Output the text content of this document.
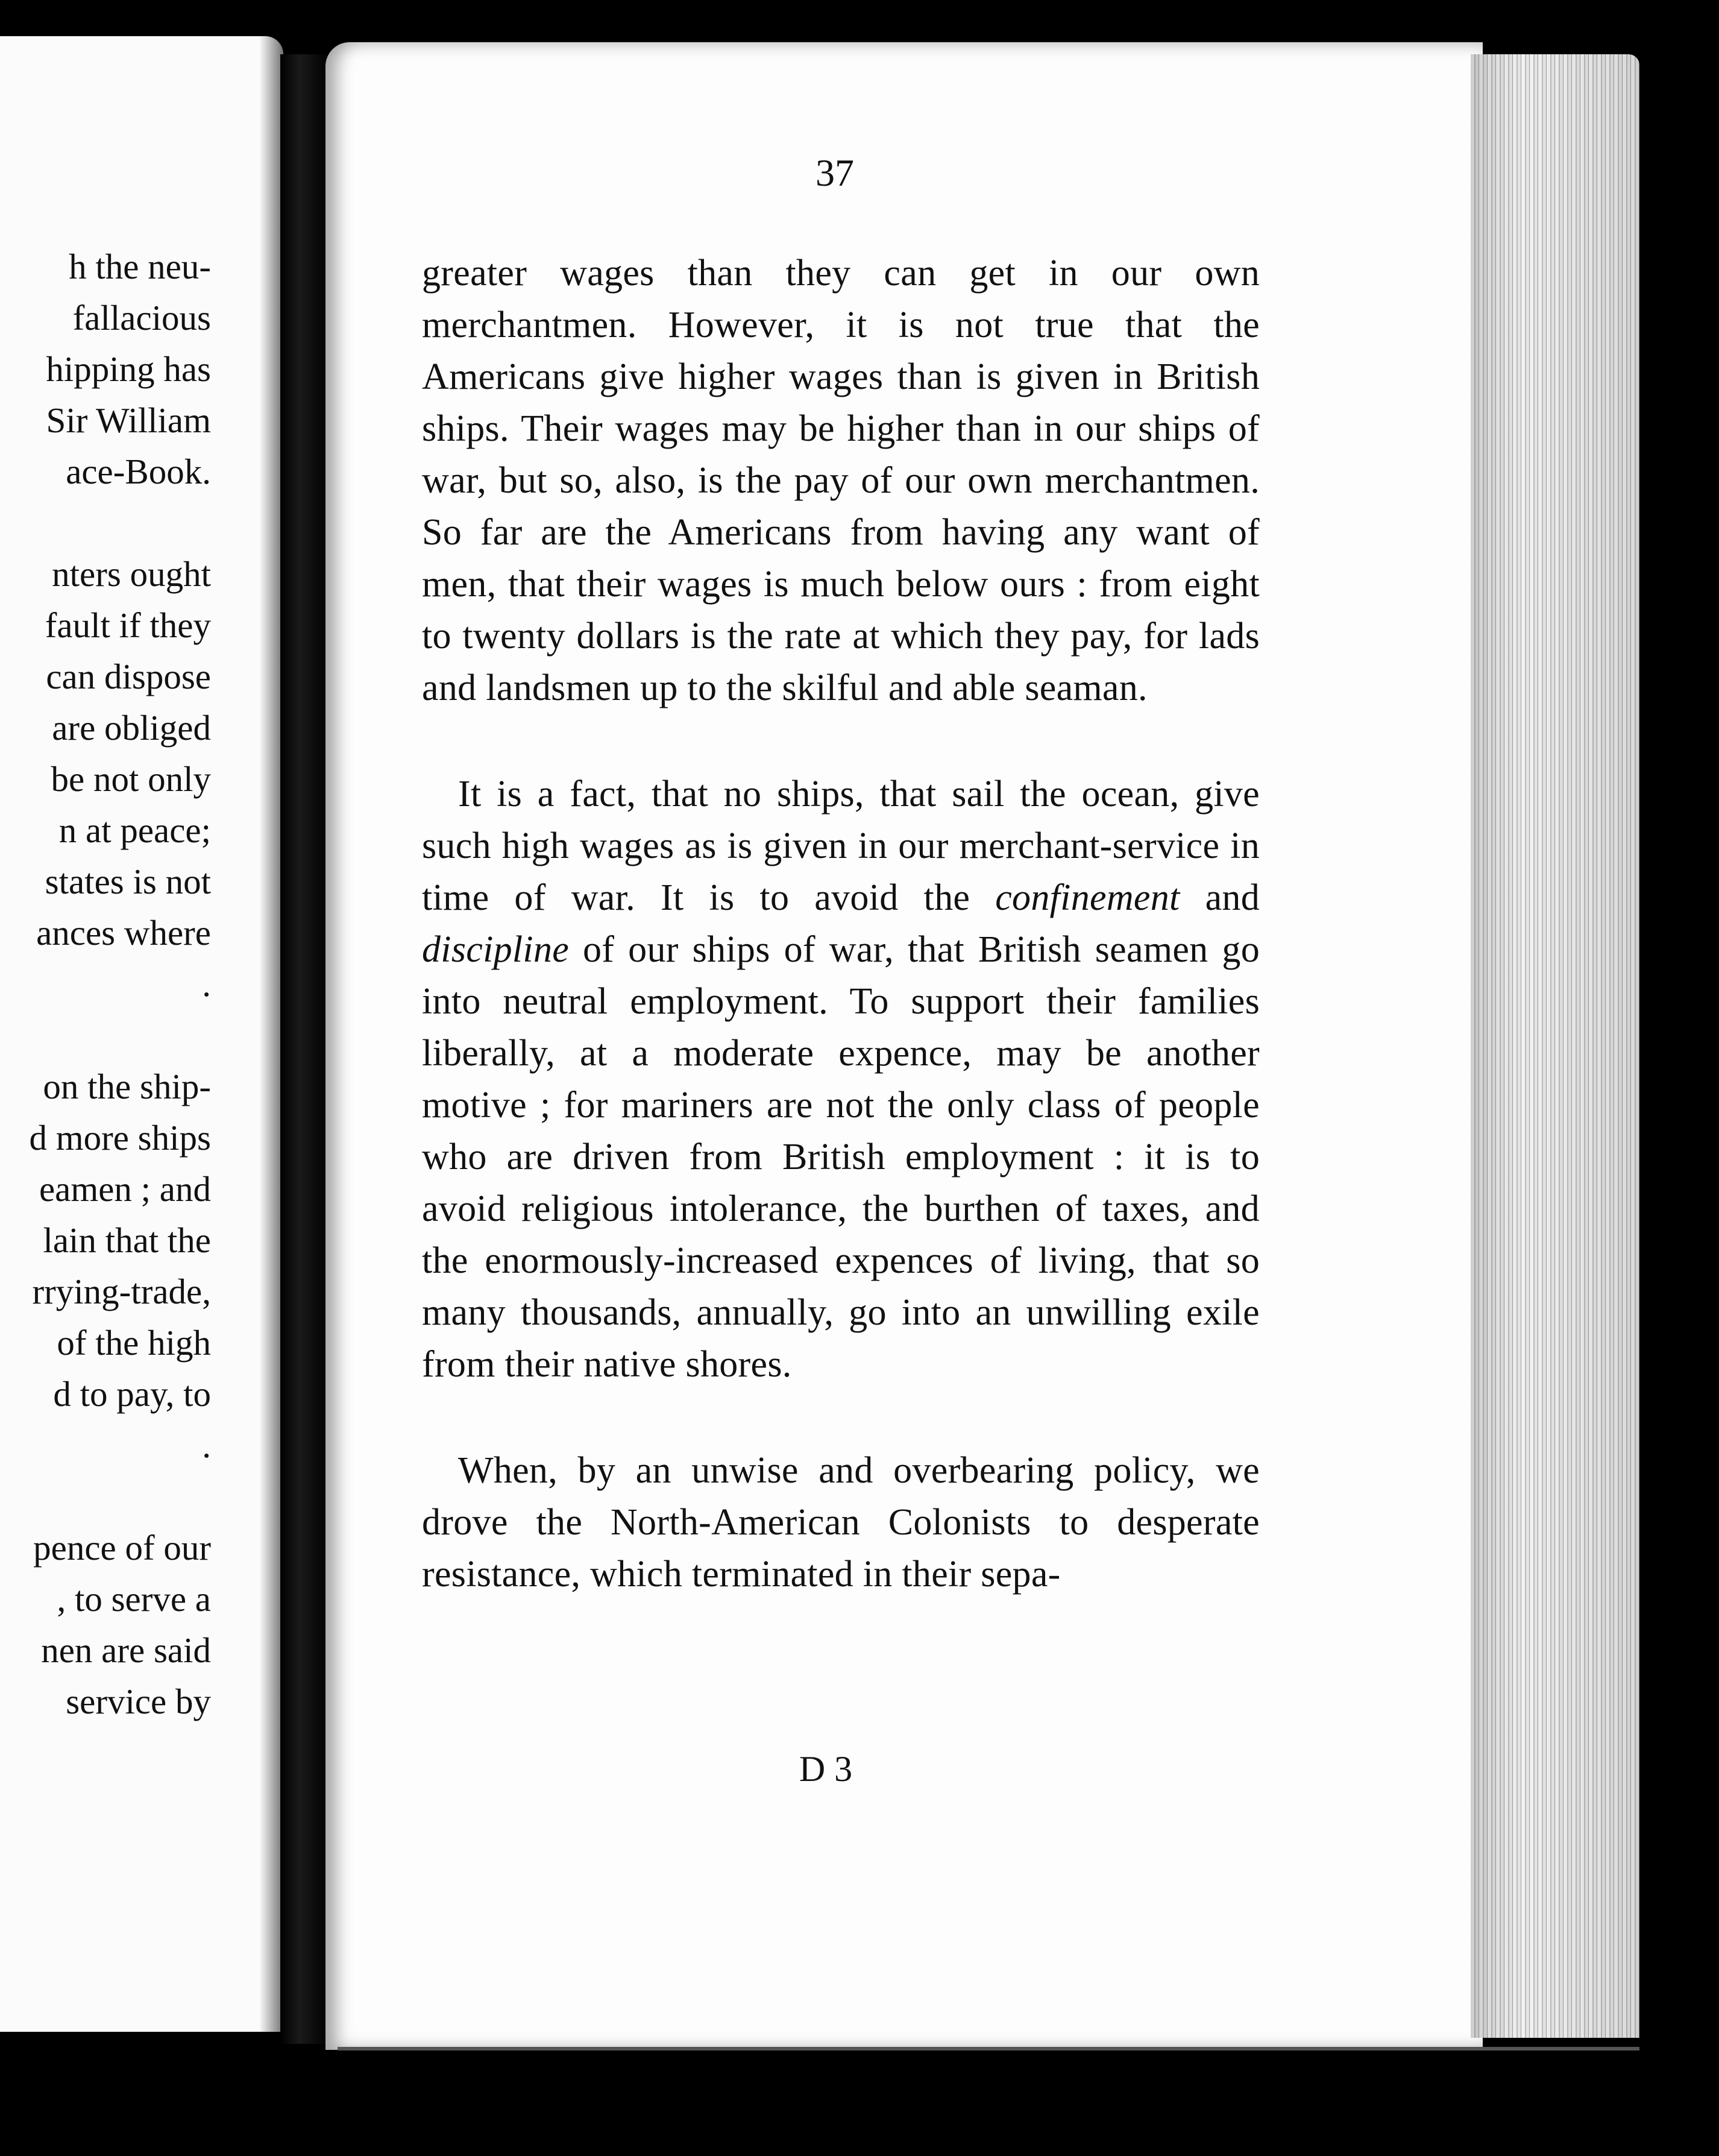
h the neu-
fallacious
hipping has
Sir William
ace-Book.

nters ought
fault if they
can dispose
are obliged
be not only
n at peace;
states is not
ances where
.

on the ship-
d more ships
eamen ; and
lain that the
rrying-trade,
of the high
d to pay, to
.

pence of our
, to serve a
nen are said
service by
37

greater wages than they can get in our own merchantmen. However, it is not true that the Americans give higher wages than is given in British ships. Their wages may be higher than in our ships of war, but so, also, is the pay of our own merchantmen. So far are the Americans from having any want of men, that their wages is much below ours : from eight to twenty dollars is the rate at which they pay, for lads and landsmen up to the skilful and able seaman.

It is a fact, that no ships, that sail the ocean, give such high wages as is given in our merchant-service in time of war. It is to avoid the confinement and discipline of our ships of war, that British seamen go into neutral employment. To support their families liberally, at a moderate expence, may be another motive ; for mariners are not the only class of people who are driven from British employment : it is to avoid religious intolerance, the burthen of taxes, and the enormously-increased expences of living, that so many thousands, annually, go into an unwilling exile from their native shores.

When, by an unwise and overbearing policy, we drove the North-American Colonists to desperate resistance, which terminated in their sepa-

D 3
